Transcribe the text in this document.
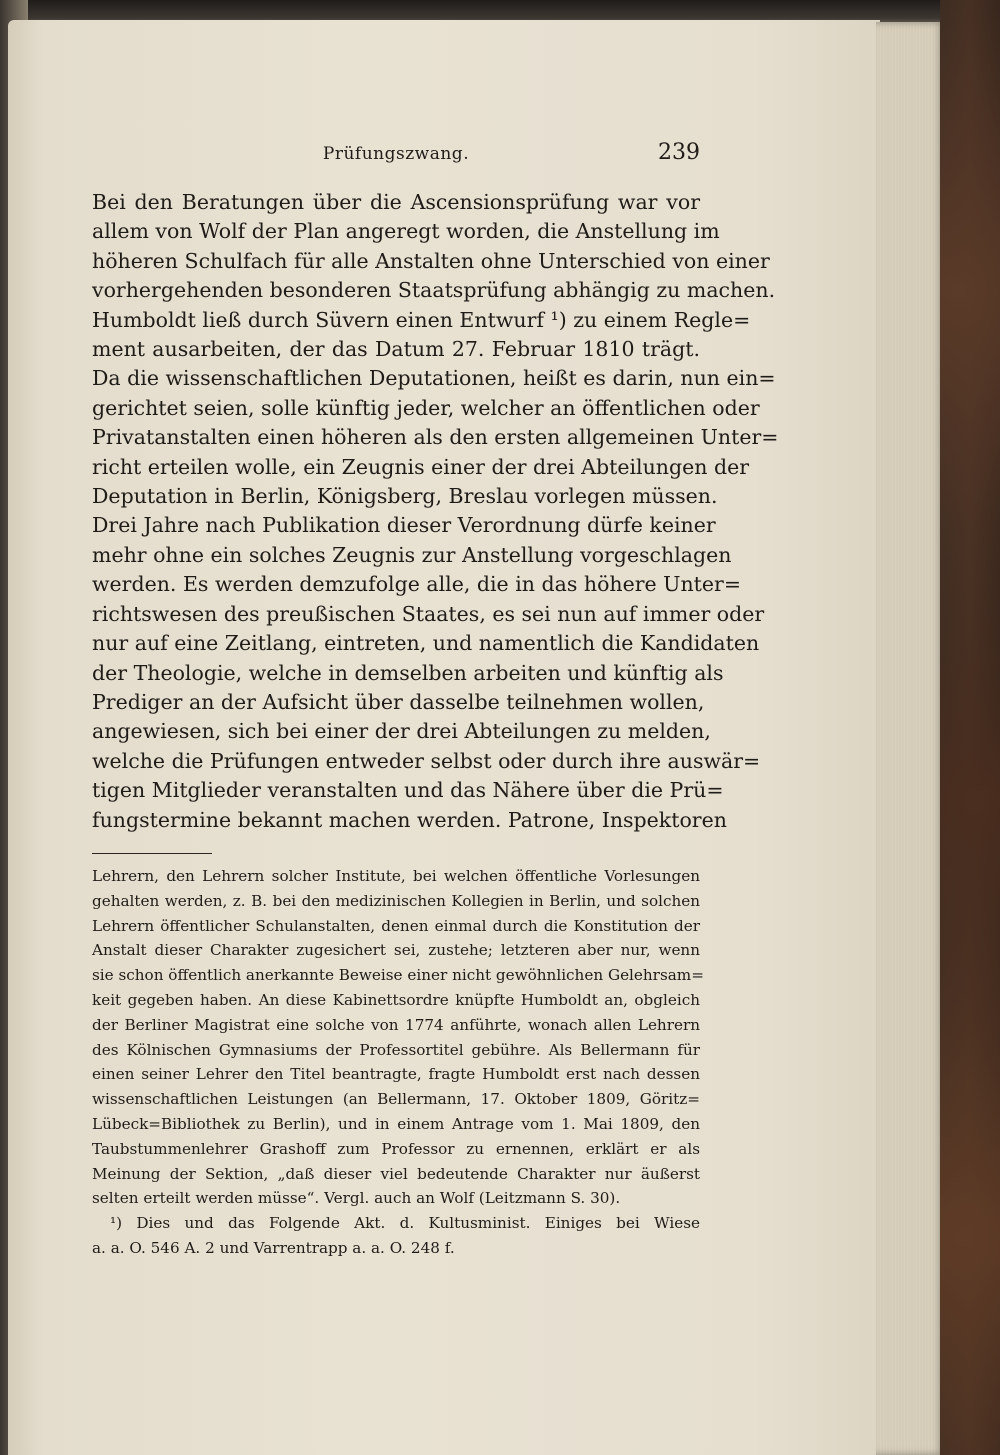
Prüfungszwang.	239
Bei den Beratungen über die Ascensionsprüfung war vor
allem von Wolf der Plan angeregt worden, die Anstellung im
höheren Schulfach für alle Anstalten ohne Unterschied von einer
vorhergehenden besonderen Staatsprüfung abhängig zu machen.
Humboldt ließ durch Süvern einen Entwurf ¹) zu einem Regle=
ment ausarbeiten, der das Datum 27. Februar 1810 trägt.
Da die wissenschaftlichen Deputationen, heißt es darin, nun ein=
gerichtet seien, solle künftig jeder, welcher an öffentlichen oder
Privatanstalten einen höheren als den ersten allgemeinen Unter=
richt erteilen wolle, ein Zeugnis einer der drei Abteilungen der
Deputation in Berlin, Königsberg, Breslau vorlegen müssen.
Drei Jahre nach Publikation dieser Verordnung dürfe keiner
mehr ohne ein solches Zeugnis zur Anstellung vorgeschlagen
werden. Es werden demzufolge alle, die in das höhere Unter=
richtswesen des preußischen Staates, es sei nun auf immer oder
nur auf eine Zeitlang, eintreten, und namentlich die Kandidaten
der Theologie, welche in demselben arbeiten und künftig als
Prediger an der Aufsicht über dasselbe teilnehmen wollen,
angewiesen, sich bei einer der drei Abteilungen zu melden,
welche die Prüfungen entweder selbst oder durch ihre auswär=
tigen Mitglieder veranstalten und das Nähere über die Prü=
fungstermine bekannt machen werden. Patrone, Inspektoren
Lehrern, den Lehrern solcher Institute, bei welchen öffentliche Vorlesungen
gehalten werden, z. B. bei den medizinischen Kollegien in Berlin, und solchen
Lehrern öffentlicher Schulanstalten, denen einmal durch die Konstitution der
Anstalt dieser Charakter zugesichert sei, zustehe; letzteren aber nur, wenn
sie schon öffentlich anerkannte Beweise einer nicht gewöhnlichen Gelehrsam=
keit gegeben haben. An diese Kabinettsordre knüpfte Humboldt an, obgleich
der Berliner Magistrat eine solche von 1774 anführte, wonach allen Lehrern
des Kölnischen Gymnasiums der Professortitel gebühre. Als Bellermann für
einen seiner Lehrer den Titel beantragte, fragte Humboldt erst nach dessen
wissenschaftlichen Leistungen (an Bellermann, 17. Oktober 1809, Göritz=
Lübeck=Bibliothek zu Berlin), und in einem Antrage vom 1. Mai 1809, den
Taubstummenlehrer Grashoff zum Professor zu ernennen, erklärt er als
Meinung der Sektion, „daß dieser viel bedeutende Charakter nur äußerst
selten erteilt werden müsse“. Vergl. auch an Wolf (Leitzmann S. 30).
¹) Dies und das Folgende Akt. d. Kultusminist. Einiges bei Wiese
a. a. O. 546 A. 2 und Varrentrapp a. a. O. 248 f.
